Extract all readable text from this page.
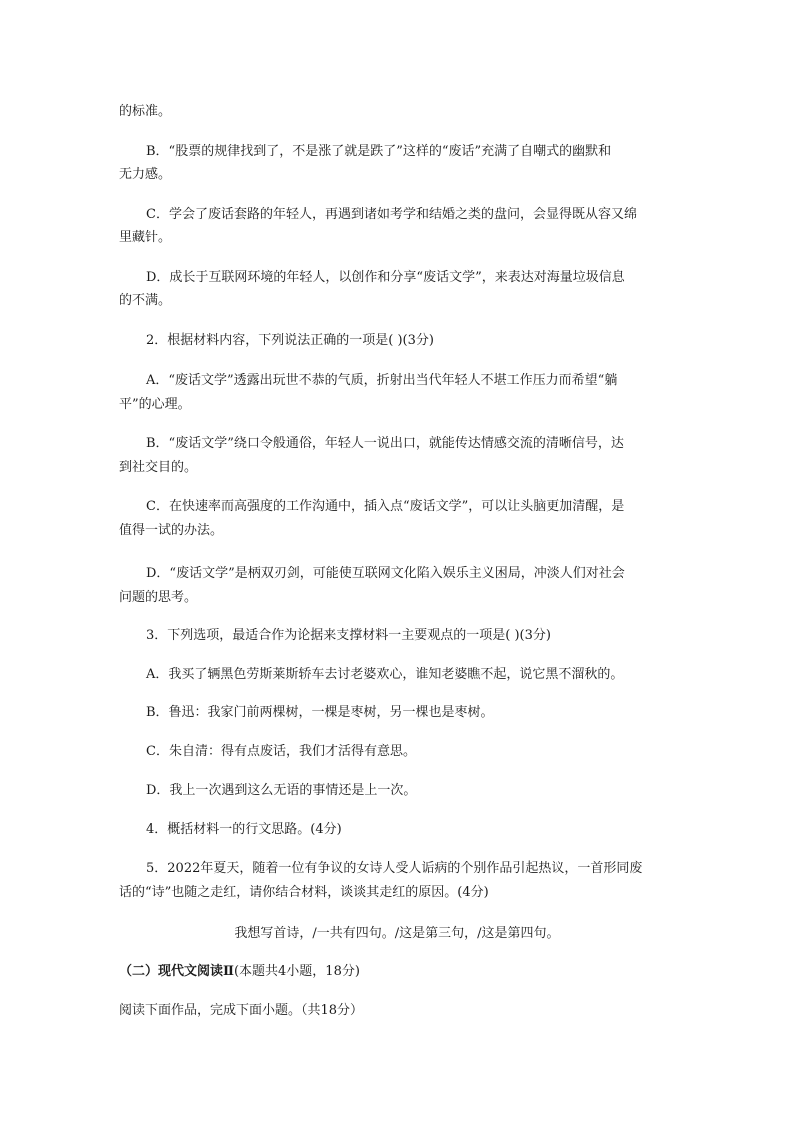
的标准。
B．“股票的规律找到了，不是涨了就是跌了”这样的“废话”充满了自嘲式的幽默和
无力感。
C．学会了废话套路的年轻人，再遇到诸如考学和结婚之类的盘问，会显得既从容又绵
里藏针。
D．成长于互联网环境的年轻人，以创作和分享“废话文学”，来表达对海量垃圾信息
的不满。
2．根据材料内容，下列说法正确的一项是( )(3分)
A．“废话文学”透露出玩世不恭的气质，折射出当代年轻人不堪工作压力而希望“躺
平”的心理。
B．“废话文学”绕口令般通俗，年轻人一说出口，就能传达情感交流的清晰信号，达
到社交目的。
C．在快速率而高强度的工作沟通中，插入点“废话文学”，可以让头脑更加清醒，是
值得一试的办法。
D．“废话文学”是柄双刃剑，可能使互联网文化陷入娱乐主义困局，冲淡人们对社会
问题的思考。
3．下列选项，最适合作为论据来支撑材料一主要观点的一项是( )(3分)
A．我买了辆黑色劳斯莱斯轿车去讨老婆欢心，谁知老婆瞧不起，说它黑不溜秋的。
B．鲁迅：我家门前两棵树，一棵是枣树，另一棵也是枣树。
C．朱自清：得有点废话，我们才活得有意思。
D．我上一次遇到这么无语的事情还是上一次。
4．概括材料一的行文思路。(4分)
5．2022年夏天，随着一位有争议的女诗人受人诟病的个别作品引起热议，一首形同废
话的“诗”也随之走红，请你结合材料，谈谈其走红的原因。(4分)
我想写首诗，/一共有四句。/这是第三句，/这是第四句。
（二）现代文阅读Ⅱ(本题共4小题，18分)
阅读下面作品，完成下面小题。（共18分）
